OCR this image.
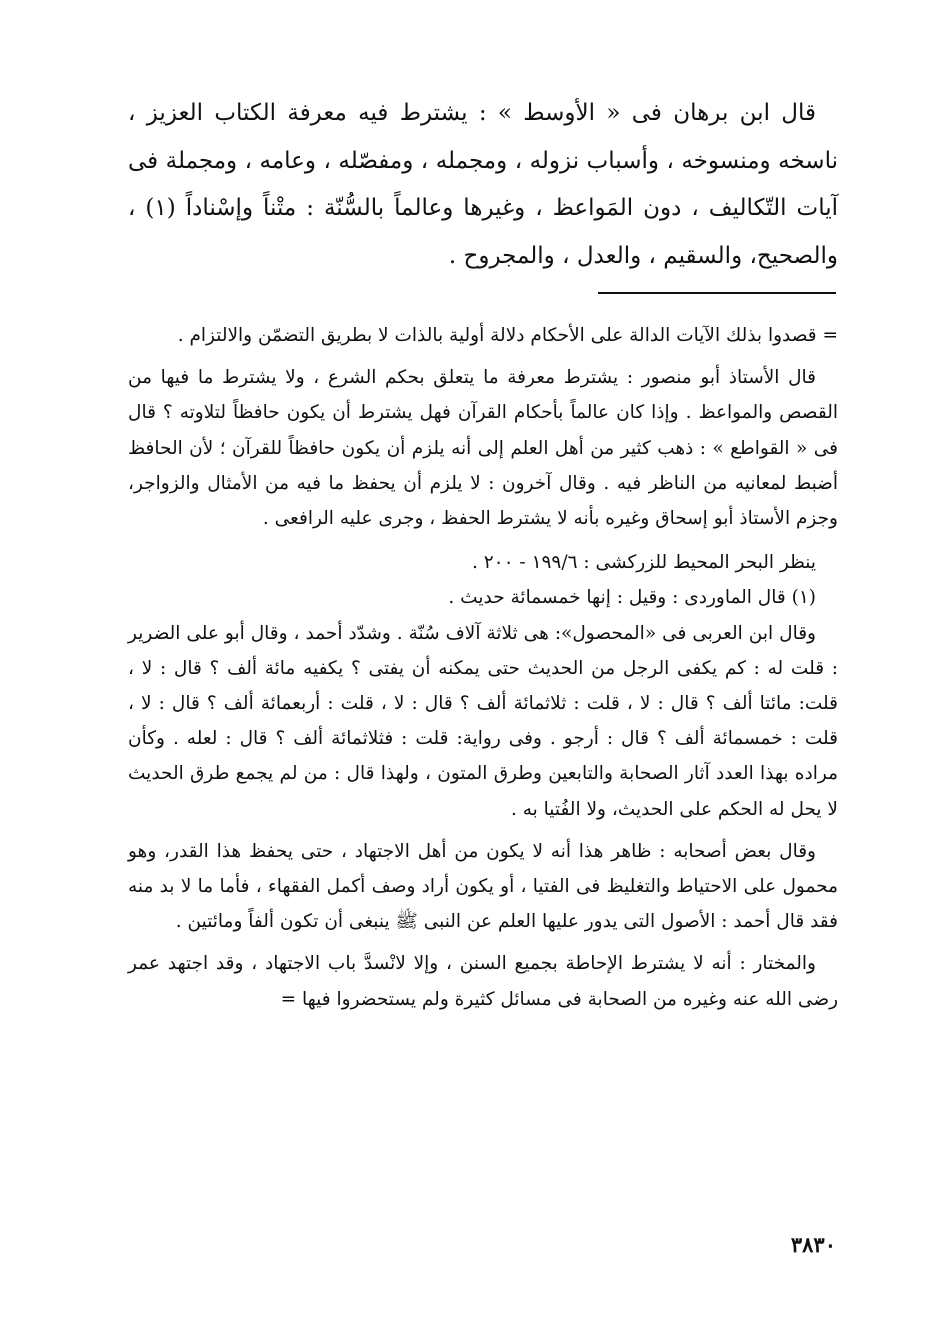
قال ابن برهان فى « الأوسط » : يشترط فيه معرفة الكتاب العزيز ، ناسخه ومنسوخه ، وأسباب نزوله ، ومجمله ، ومفصّله ، وعامه ، ومجملة فى آيات التّكاليف ، دون المَواعظ ، وغيرها وعالماً بالسُّنّة : متْناً وإسْناداً (١) ، والصحيح، والسقيم ، والعدل ، والمجروح .

= قصدوا بذلك الآيات الدالة على الأحكام دلالة أولية بالذات لا بطريق التضمّن والالتزام .

قال الأستاذ أبو منصور : يشترط معرفة ما يتعلق بحكم الشرع ، ولا يشترط ما فيها من القصص والمواعظ . وإذا كان عالماً بأحكام القرآن فهل يشترط أن يكون حافظاً لتلاوته ؟ قال فى « القواطع » : ذهب كثير من أهل العلم إلى أنه يلزم أن يكون حافظاً للقرآن ؛ لأن الحافظ أضبط لمعانيه من الناظر فيه . وقال آخرون : لا يلزم أن يحفظ ما فيه من الأمثال والزواجر، وجزم الأستاذ أبو إسحاق وغيره بأنه لا يشترط الحفظ ، وجرى عليه الرافعى .

ينظر البحر المحيط للزركشى : ١٩٩/٦ - ٢٠٠ .

(١) قال الماوردى : وقيل : إنها خمسمائة حديث .

وقال ابن العربى فى «المحصول»: هى ثلاثة آلاف سُنّة . وشدّد أحمد ، وقال أبو على الضرير : قلت له : كم يكفى الرجل من الحديث حتى يمكنه أن يفتى ؟ يكفيه مائة ألف ؟ قال : لا ، قلت: مائتا ألف ؟ قال : لا ، قلت : ثلاثمائة ألف ؟ قال : لا ، قلت : أربعمائة ألف ؟ قال : لا ، قلت : خمسمائة ألف ؟ قال : أرجو . وفى رواية: قلت : فثلاثمائة ألف ؟ قال : لعله . وكأن مراده بهذا العدد آثار الصحابة والتابعين وطرق المتون ، ولهذا قال : من لم يجمع طرق الحديث لا يحل له الحكم على الحديث، ولا الفُتيا به .

وقال بعض أصحابه : ظاهر هذا أنه لا يكون من أهل الاجتهاد ، حتى يحفظ هذا القدر، وهو محمول على الاحتياط والتغليظ فى الفتيا ، أو يكون أراد وصف أكمل الفقهاء ، فأما ما لا بد منه فقد قال أحمد : الأصول التى يدور عليها العلم عن النبى ﷺ ينبغى أن تكون ألفاً ومائتين .

والمختار : أنه لا يشترط الإحاطة بجميع السنن ، وإلا لانْسدَّ باب الاجتهاد ، وقد اجتهد عمر رضى الله عنه وغيره من الصحابة فى مسائل كثيرة ولم يستحضروا فيها =

٣٨٣٠
